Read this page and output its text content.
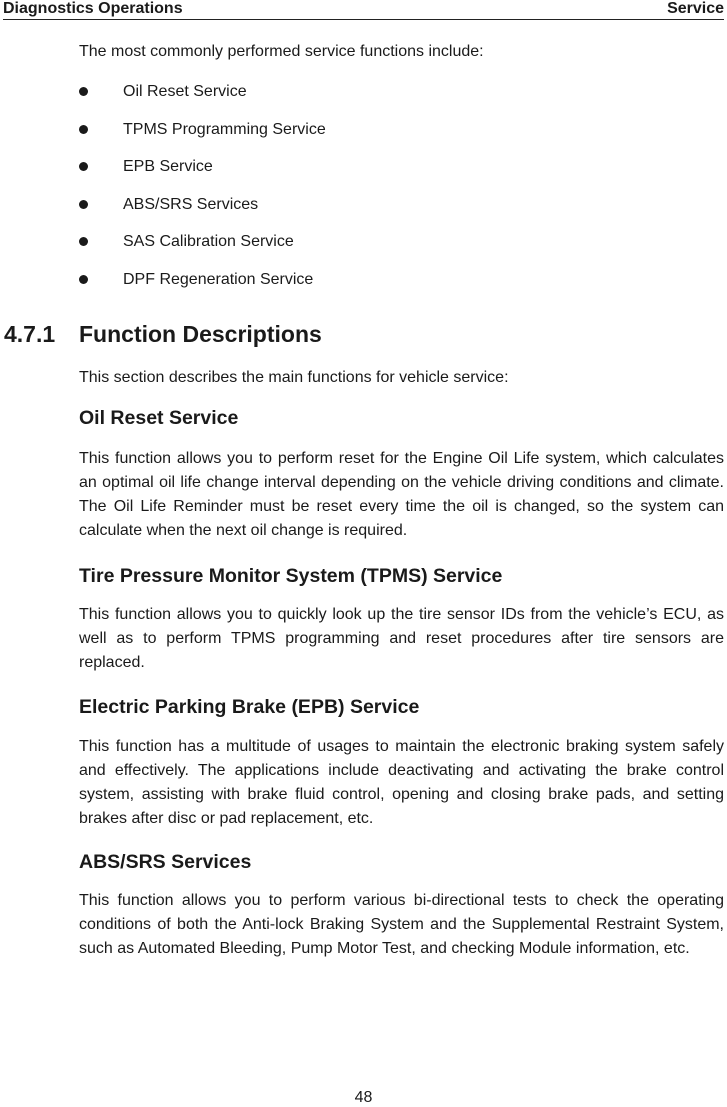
Diagnostics Operations	Service

The most commonly performed service functions include:

Oil Reset Service
TPMS Programming Service
EPB Service
ABS/SRS Services
SAS Calibration Service
DPF Regeneration Service
4.7.1 Function Descriptions

This section describes the main functions for vehicle service:

Oil Reset Service

This function allows you to perform reset for the Engine Oil Life system, which calculates an optimal oil life change interval depending on the vehicle driving conditions and climate. The Oil Life Reminder must be reset every time the oil is changed, so the system can calculate when the next oil change is required.

Tire Pressure Monitor System (TPMS) Service

This function allows you to quickly look up the tire sensor IDs from the vehicle’s ECU, as well as to perform TPMS programming and reset procedures after tire sensors are replaced.

Electric Parking Brake (EPB) Service

This function has a multitude of usages to maintain the electronic braking system safely and effectively. The applications include deactivating and activating the brake control system, assisting with brake fluid control, opening and closing brake pads, and setting brakes after disc or pad replacement, etc.

ABS/SRS Services

This function allows you to perform various bi-directional tests to check the operating conditions of both the Anti-lock Braking System and the Supplemental Restraint System, such as Automated Bleeding, Pump Motor Test, and checking Module information, etc.

48
